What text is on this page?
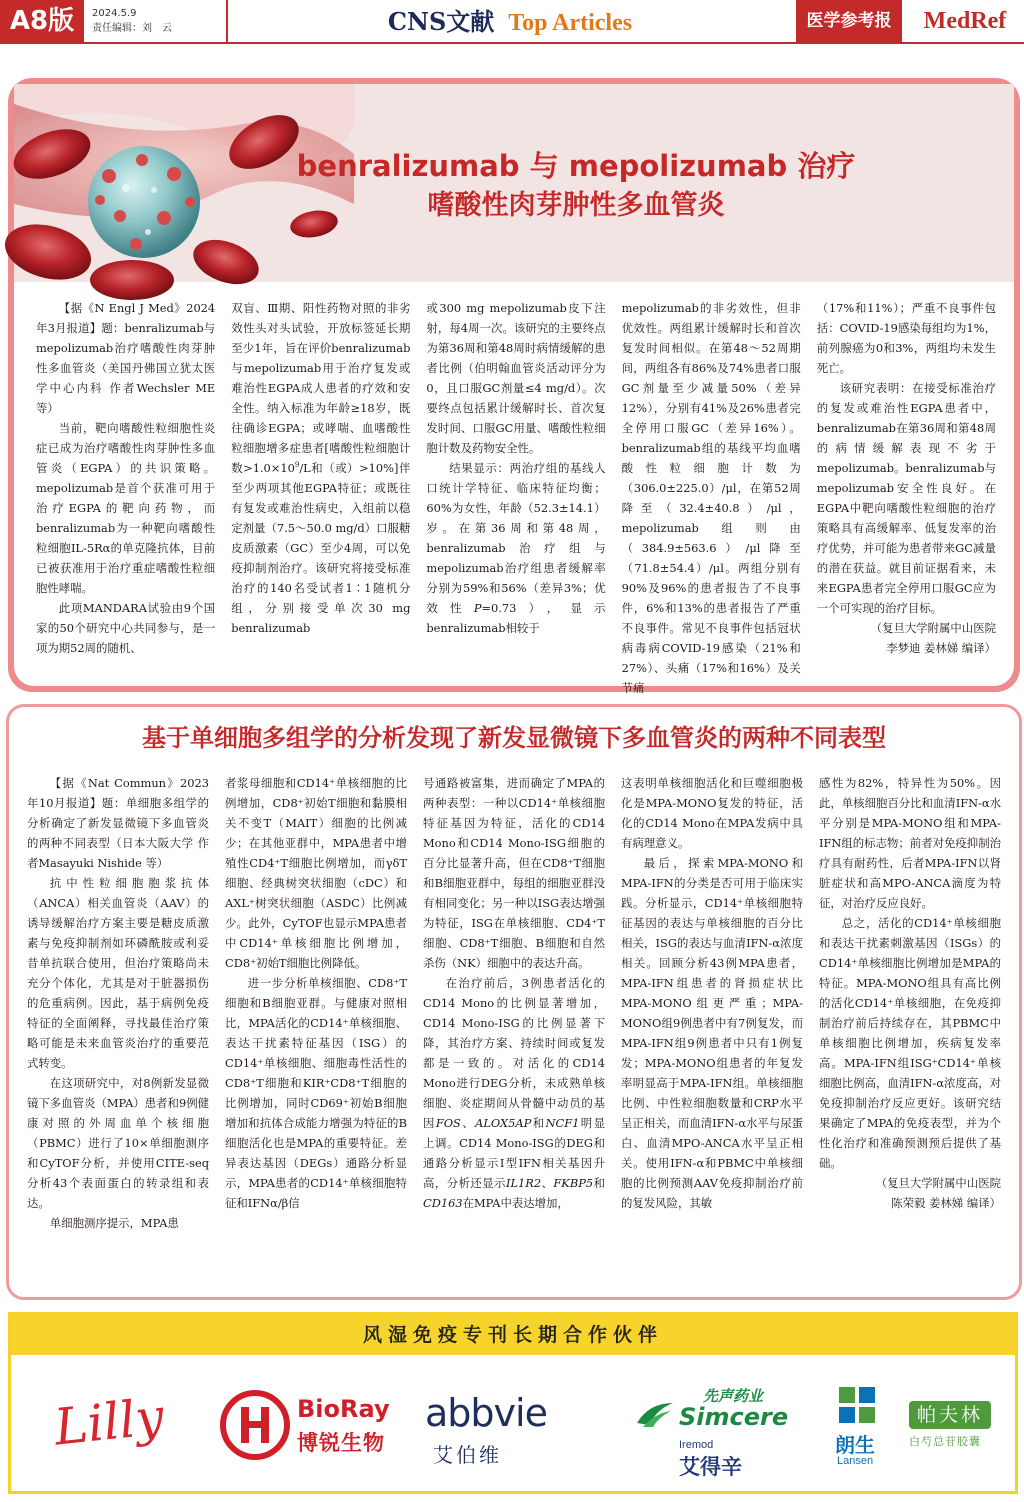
A8版	2024.5.9
责任编辑：刘　云	CNS文献 Top Articles	医学参考报	MedRef
benralizumab 与 mepolizumab 治疗
嗜酸性肉芽肿性多血管炎

【据《N Engl J Med》2024年3月报道】题：benralizumab与mepolizumab治疗嗜酸性肉芽肿性多血管炎（美国丹佛国立犹太医学中心内科 作者Wechsler ME 等）

当前，靶向嗜酸性粒细胞性炎症已成为治疗嗜酸性肉芽肿性多血管炎（EGPA）的共识策略。mepolizumab是首个获准可用于治疗EGPA的靶向药物，而benralizumab为一种靶向嗜酸性粒细胞IL-5Rα的单克隆抗体，目前已被获准用于治疗重症嗜酸性粒细胞性哮喘。

此项MANDARA试验由9个国家的50个研究中心共同参与，是一项为期52周的随机、

双盲、Ⅲ期、阳性药物对照的非劣效性头对头试验，开放标签延长期至少1年，旨在评价benralizumab与mepolizumab用于治疗复发或难治性EGPA成人患者的疗效和安全性。纳入标准为年龄≥18岁，既往确诊EGPA；或哮喘、血嗜酸性粒细胞增多症患者[嗜酸性粒细胞计数$>1.0\times 10^9/L$和（或）>10%]伴至少两项其他EGPA特征；或既往有复发或难治性病史，入组前以稳定剂量（7.5～50.0 mg/d）口服糖皮质激素（GC）至少4周，可以免疫抑制剂治疗。该研究将接受标准治疗的140名受试者1∶1随机分组，分别接受单次30 mg benralizumab

或300 mg mepolizumab皮下注射，每4周一次。该研究的主要终点为第36周和第48周时病情缓解的患者比例（伯明翰血管炎活动评分为0，且口服GC剂量≤4 mg/d）。次要终点包括累计缓解时长、首次复发时间、口服GC用量、嗜酸性粒细胞计数及药物安全性。

结果显示：两治疗组的基线人口统计学特征、临床特征均衡；60%为女性，年龄（52.3±14.1）岁。在第36周和第48周，benralizumab治疗组与mepolizumab治疗组患者缓解率分别为59%和56%（差异3%；优效性P=0.73），显示benralizumab相较于

mepolizumab的非劣效性，但非优效性。两组累计缓解时长和首次复发时间相似。在第48～52周期间，两组各有86%及74%患者口服GC剂量至少减量50%（差异12%），分别有41%及26%患者完全停用口服GC（差异16%）。benralizumab组的基线平均血嗜酸性粒细胞计数为（306.0±225.0）/μl，在第52周降至（32.4±40.8）/μl，mepolizumab组则由（384.9±563.6）/μl降至（71.8±54.4）/μl。两组分别有90%及96%的患者报告了不良事件，6%和13%的患者报告了严重不良事件。常见不良事件包括冠状病毒病COVID-19感染（21%和27%）、头痛（17%和16%）及关节痛

（17%和11%）；严重不良事件包括：COVID-19感染每组均为1%，前列腺癌为0和3%，两组均未发生死亡。

该研究表明：在接受标准治疗的复发或难治性EGPA患者中，benralizumab在第36周和第48周的病情缓解表现不劣于mepolizumab。benralizumab与mepolizumab安全性良好。在EGPA中靶向嗜酸性粒细胞的治疗策略具有高缓解率、低复发率的治疗优势，并可能为患者带来GC减量的潜在获益。就目前证据看来，未来EGPA患者完全停用口服GC应为一个可实现的治疗目标。

（复旦大学附属中山医院
李梦迪 姜林娣 编译）
基于单细胞多组学的分析发现了新发显微镜下多血管炎的两种不同表型

【据《Nat Commun》2023年10月报道】题：单细胞多组学的分析确定了新发显微镜下多血管炎的两种不同表型（日本大阪大学 作者Masayuki Nishide 等）

抗中性粒细胞胞浆抗体（ANCA）相关血管炎（AAV）的诱导缓解治疗方案主要是糖皮质激素与免疫抑制剂如环磷酰胺或利妥昔单抗联合使用，但治疗策略尚未充分个体化，尤其是对于脏器损伤的危重病例。因此，基于病例免疫特征的全面阐释，寻找最佳治疗策略可能是未来血管炎治疗的重要范式转变。

在这项研究中，对8例新发显微镜下多血管炎（MPA）患者和9例健康对照的外周血单个核细胞（PBMC）进行了10×单细胞测序和CyTOF分析，并使用CITE-seq分析43个表面蛋白的转录组和表达。

单细胞测序提示，MPA患

者浆母细胞和CD14⁺单核细胞的比例增加，CD8⁺初始T细胞和黏膜相关不变T（MAIT）细胞的比例减少；在其他亚群中，MPA患者中增殖性CD4⁺T细胞比例增加，而γδT细胞、经典树突状细胞（cDC）和AXL⁺树突状细胞（ASDC）比例减少。此外，CyTOF也显示MPA患者中CD14⁺单核细胞比例增加，CD8⁺初始T细胞比例降低。

进一步分析单核细胞、CD8⁺T细胞和B细胞亚群。与健康对照相比，MPA活化的CD14⁺单核细胞、表达干扰素特征基因（ISG）的CD14⁺单核细胞、细胞毒性活性的CD8⁺T细胞和KIR⁺CD8⁺T细胞的比例增加，同时CD69⁺初始B细胞增加和抗体合成能力增强为特征的B细胞活化也是MPA的重要特征。差异表达基因（DEGs）通路分析显示，MPA患者的CD14⁺单核细胞特征和IFNα/β信

号通路被富集，进而确定了MPA的两种表型：一种以CD14⁺单核细胞特征基因为特征，活化的CD14 Mono和CD14 Mono-ISG细胞的百分比显著升高，但在CD8⁺T细胞和B细胞亚群中，每组的细胞亚群没有相同变化；另一种以ISG表达增强为特征，ISG在单核细胞、CD4⁺T细胞、CD8⁺T细胞、B细胞和自然杀伤（NK）细胞中的表达升高。

在治疗前后，3例患者活化的CD14 Mono的比例显著增加，CD14 Mono-ISG的比例显著下降，其治疗方案、持续时间或复发都是一致的。对活化的CD14 Mono进行DEG分析，未成熟单核细胞、炎症期间从骨髓中动员的基因FOS、ALOX5AP和NCF1明显上调。CD14 Mono-ISG的DEG和通路分析显示Ⅰ型IFN相关基因升高，分析还显示IL1R2、FKBP5和CD163在MPA中表达增加，

这表明单核细胞活化和巨噬细胞极化是MPA-MONO复发的特征，活化的CD14 Mono在MPA发病中具有病理意义。

最后，探索MPA-MONO和MPA-IFN的分类是否可用于临床实践。分析显示，CD14⁺单核细胞特征基因的表达与单核细胞的百分比相关，ISG的表达与血清IFN-α浓度相关。回顾分析43例MPA患者，MPA-IFN组患者的肾损症状比MPA-MONO组更严重；MPA-MONO组9例患者中有7例复发，而MPA-IFN组9例患者中只有1例复发；MPA-MONO组患者的年复发率明显高于MPA-IFN组。单核细胞比例、中性粒细胞数量和CRP水平呈正相关，而血清IFN-α水平与尿蛋白、血清MPO-ANCA水平呈正相关。使用IFN-α和PBMC中单核细胞的比例预测AAV免疫抑制治疗前的复发风险，其敏

感性为82%，特异性为50%。因此，单核细胞百分比和血清IFN-α水平分别是MPA-MONO组和MPA-IFN组的标志物；前者对免疫抑制治疗具有耐药性，后者MPA-IFN以肾脏症状和高MPO-ANCA滴度为特征，对治疗反应良好。

总之，活化的CD14⁺单核细胞和表达干扰素刺激基因（ISGs）的CD14⁺单核细胞比例增加是MPA的特征。MPA-MONO组具有高比例的活化CD14⁺单核细胞，在免疫抑制治疗前后持续存在，其PBMC中单核细胞比例增加，疾病复发率高。MPA-IFN组ISG⁺CD14⁺单核细胞比例高，血清IFN-α浓度高，对免疫抑制治疗反应更好。该研究结果确定了MPA的免疫表型，并为个性化治疗和准确预测预后提供了基础。

（复旦大学附属中山医院
陈荣毅 姜林娣 编译）
风湿免疫专刊长期合作伙伴
Lilly	BioRay
博锐生物
abbvie
艾伯维
先声药业
Simcere
Iremod
艾得辛
朗生
Lansen
帕夫林
白芍总苷胶囊
